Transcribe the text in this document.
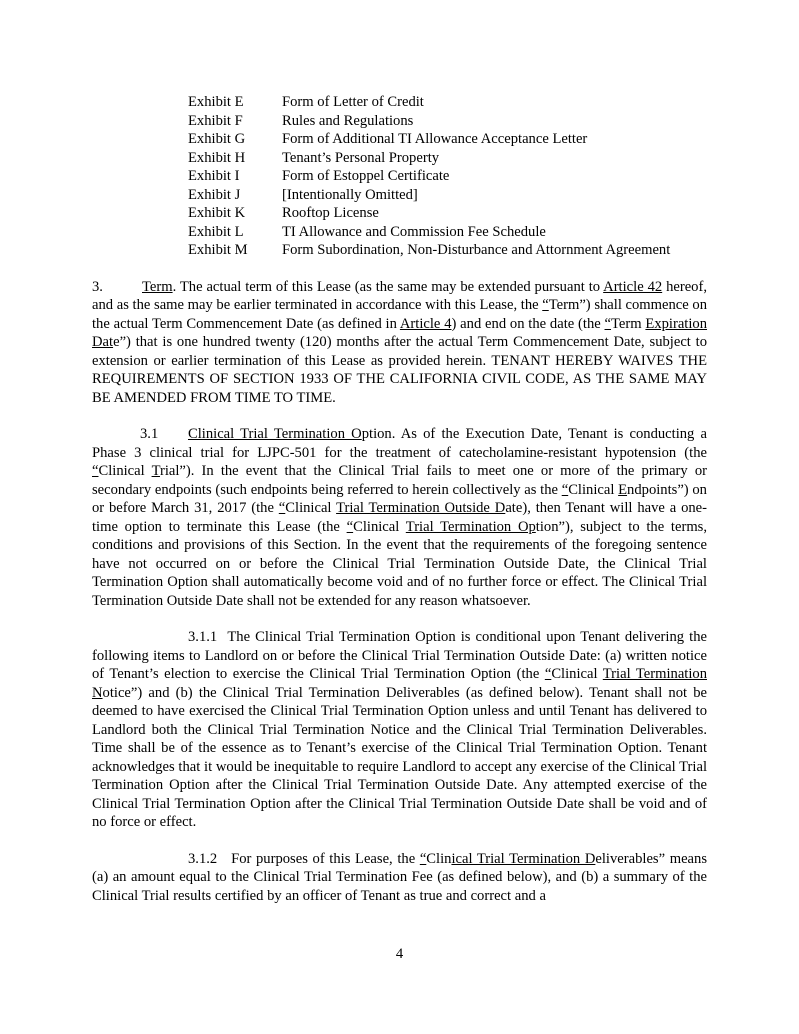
Exhibit E	Form of Letter of Credit
Exhibit F	Rules and Regulations
Exhibit G	Form of Additional TI Allowance Acceptance Letter
Exhibit H	Tenant’s Personal Property
Exhibit I	Form of Estoppel Certificate
Exhibit J	[Intentionally Omitted]
Exhibit K	Rooftop License
Exhibit L	TI Allowance and Commission Fee Schedule
Exhibit M	Form Subordination, Non-Disturbance and Attornment Agreement

3.	Term. The actual term of this Lease (as the same may be extended pursuant to Article 42 hereof, and as the same may be earlier terminated in accordance with this Lease, the “Term”) shall commence on the actual Term Commencement Date (as defined in Article 4) and end on the date (the “Term Expiration Date”) that is one hundred twenty (120) months after the actual Term Commencement Date, subject to extension or earlier termination of this Lease as provided herein. TENANT HEREBY WAIVES THE REQUIREMENTS OF SECTION 1933 OF THE CALIFORNIA CIVIL CODE, AS THE SAME MAY BE AMENDED FROM TIME TO TIME.

3.1 Clinical Trial Termination Option. As of the Execution Date, Tenant is conducting a Phase 3 clinical trial for LJPC-501 for the treatment of catecholamine-resistant hypotension (the “Clinical Trial”). In the event that the Clinical Trial fails to meet one or more of the primary or secondary endpoints (such endpoints being referred to herein collectively as the “Clinical Endpoints”) on or before March 31, 2017 (the “Clinical Trial Termination Outside Date), then Tenant will have a one-time option to terminate this Lease (the “Clinical Trial Termination Option”), subject to the terms, conditions and provisions of this Section. In the event that the requirements of the foregoing sentence have not occurred on or before the Clinical Trial Termination Outside Date, the Clinical Trial Termination Option shall automatically become void and of no further force or effect. The Clinical Trial Termination Outside Date shall not be extended for any reason whatsoever.

3.1.1 The Clinical Trial Termination Option is conditional upon Tenant delivering the following items to Landlord on or before the Clinical Trial Termination Outside Date: (a) written notice of Tenant’s election to exercise the Clinical Trial Termination Option (the “Clinical Trial Termination Notice”) and (b) the Clinical Trial Termination Deliverables (as defined below). Tenant shall not be deemed to have exercised the Clinical Trial Termination Option unless and until Tenant has delivered to Landlord both the Clinical Trial Termination Notice and the Clinical Trial Termination Deliverables. Time shall be of the essence as to Tenant’s exercise of the Clinical Trial Termination Option. Tenant acknowledges that it would be inequitable to require Landlord to accept any exercise of the Clinical Trial Termination Option after the Clinical Trial Termination Outside Date. Any attempted exercise of the Clinical Trial Termination Option after the Clinical Trial Termination Outside Date shall be void and of no force or effect.

3.1.2 For purposes of this Lease, the “Clinical Trial Termination Deliverables” means (a) an amount equal to the Clinical Trial Termination Fee (as defined below), and (b) a summary of the Clinical Trial results certified by an officer of Tenant as true and correct and a

4
